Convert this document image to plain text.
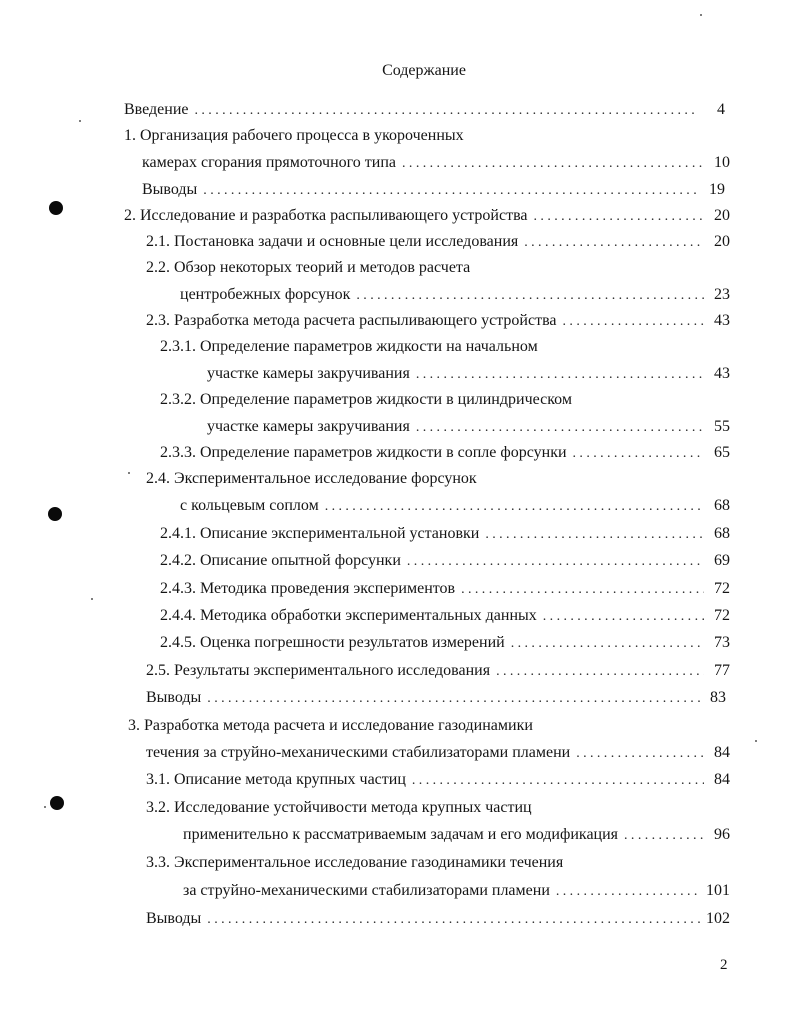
Содержание
Введение .....	4
1. Организация рабочего процесса в укороченных
камерах сгорания прямоточного типа .....	10
Выводы .....	19
2. Исследование и разработка распыливающего устройства .....	20
2.1. Постановка задачи и основные цели исследования .....	20
2.2. Обзор некоторых теорий и методов расчета
центробежных форсунок .....	23
2.3. Разработка метода расчета распыливающего устройства .....	43
2.3.1. Определение параметров жидкости на начальном
участке камеры закручивания .....	43
2.3.2. Определение параметров жидкости в цилиндрическом
участке камеры закручивания .....	55
2.3.3. Определение параметров жидкости в сопле форсунки .....	65
2.4. Экспериментальное исследование форсунок
с кольцевым соплом .....	68
2.4.1. Описание экспериментальной установки .....	68
2.4.2. Описание опытной форсунки .....	69
2.4.3. Методика проведения экспериментов .....	72
2.4.4. Методика обработки экспериментальных данных .....	72
2.4.5. Оценка погрешности результатов измерений .....	73
2.5. Результаты экспериментального исследования .....	77
Выводы .....	83
3. Разработка метода расчета и исследование газодинамики
течения за струйно-механическими стабилизаторами пламени .....	84
3.1. Описание метода крупных частиц .....	84
3.2. Исследование устойчивости метода крупных частиц
применительно к рассматриваемым задачам и его модификация .....	96
3.3. Экспериментальное исследование газодинамики течения
за струйно-механическими стабилизаторами пламени .....	101
Выводы .....	102
2
